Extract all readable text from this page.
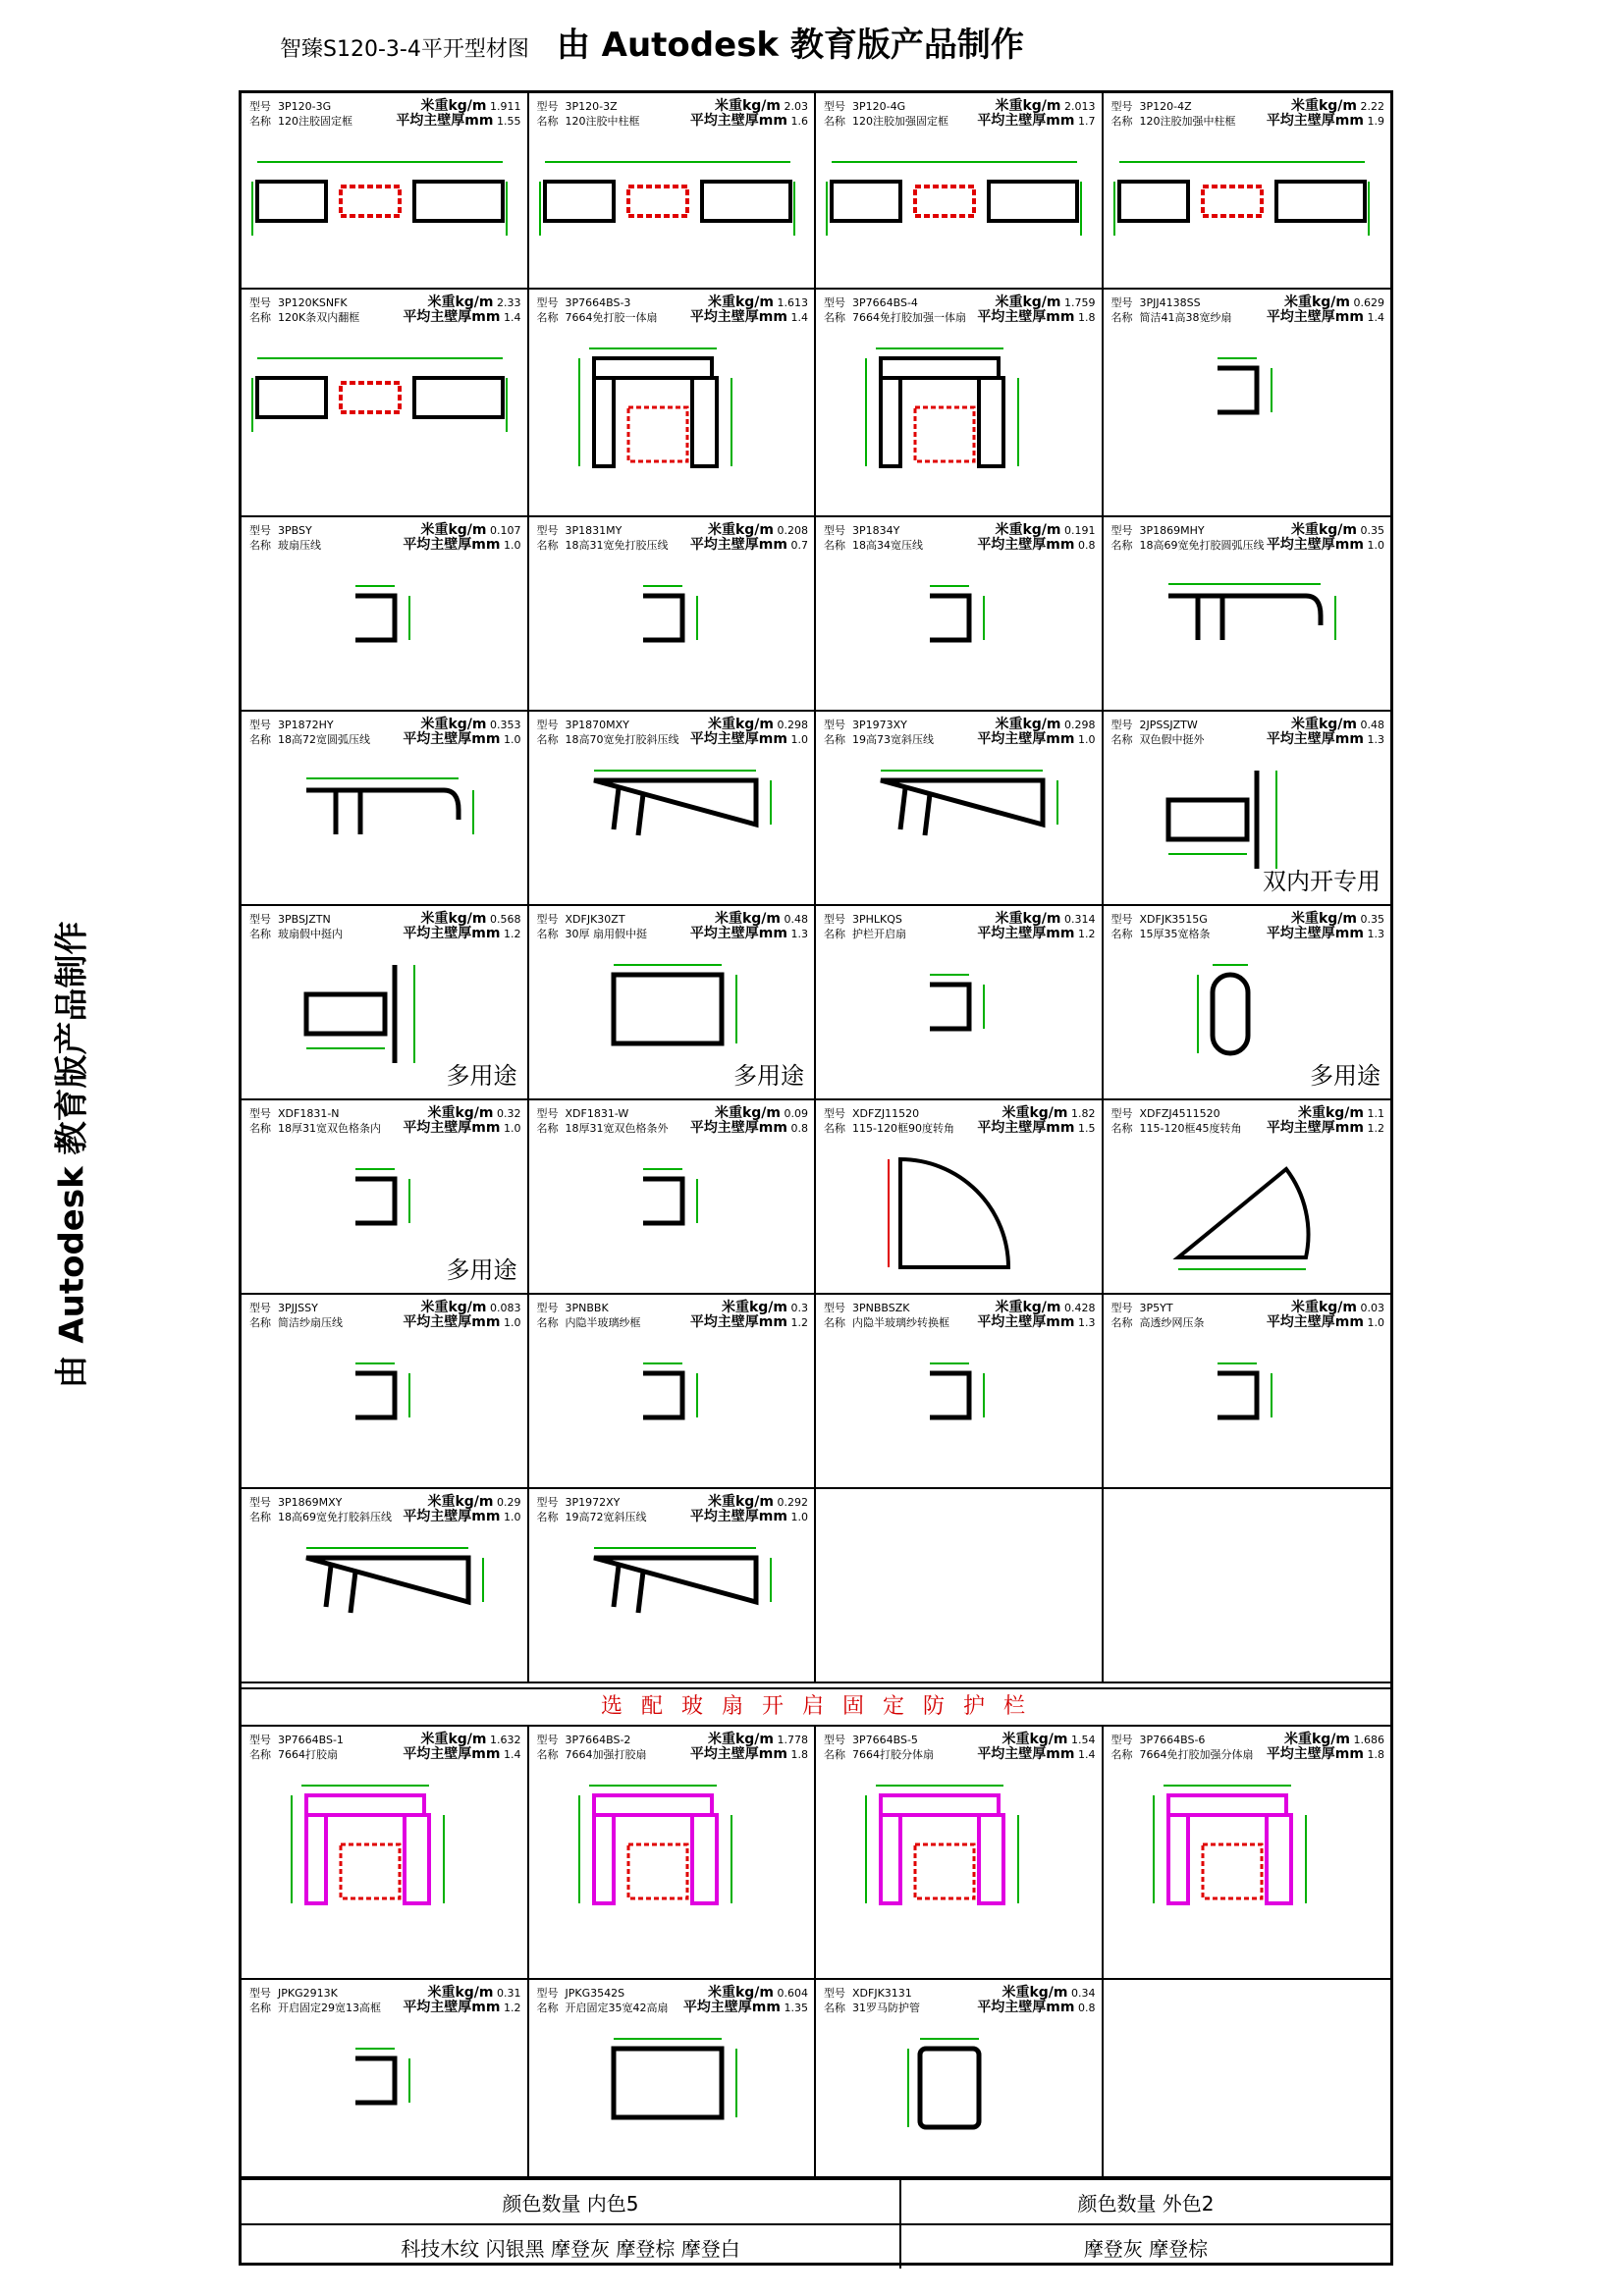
智臻S120-3-4平开型材图 由 Autodesk 教育版产品制作
由 Autodesk 教育版产品制作
型号 3P120-3G	米重kg/m 1.911
名称 120注胶固定框	平均主壁厚mm 1.55
型号 3P120-3Z	米重kg/m 2.03
名称 120注胶中柱框	平均主壁厚mm 1.6
型号 3P120-4G	米重kg/m 2.013
名称 120注胶加强固定框 平均主壁厚mm 1.7
型号 3P120-4Z	米重kg/m 2.22
名称 120注胶加强中柱框 平均主壁厚mm 1.9
型号 3P120KSNFK	米重kg/m 2.33
名称 120K条双内翻框	平均主壁厚mm 1.4
型号 3P7664BS-3	米重kg/m 1.613
名称 7664免打胶一体扇 平均主壁厚mm 1.4
型号 3P7664BS-4	米重kg/m 1.759
名称 7664免打胶加强一体扇 平均主壁厚mm 1.8
型号 3PJJ4138SS	米重kg/m 0.629
名称 简洁41高38宽纱扇	平均主壁厚mm 1.4
型号 3PBSY	米重kg/m 0.107
名称 玻扇压线	平均主壁厚mm 1.0
型号 3P1831MY	米重kg/m 0.208
名称 18高31宽免打胶压线 平均主壁厚mm 0.7
型号 3P1834Y	米重kg/m 0.191
名称 18高34宽压线	平均主壁厚mm 0.8
型号 3P1869MHY	米重kg/m 0.35
名称 18高69宽免打胶圆弧压线 平均主壁厚mm 1.0
型号 3P1872HY	米重kg/m 0.353
名称 18高72宽圆弧压线 平均主壁厚mm 1.0
型号 3P1870MXY	米重kg/m 0.298
名称 18高70宽免打胶斜压线 平均主壁厚mm 1.0
型号 3P1973XY	米重kg/m 0.298
名称 19高73宽斜压线	平均主壁厚mm 1.0
型号 2JPSSJZTW	米重kg/m 0.48
名称 双色假中挺外	平均主壁厚mm 1.3
双内开专用
型号 3PBSJZTN	米重kg/m 0.568
名称 玻扇假中挺内	平均主壁厚mm 1.2
多用途
型号 XDFJK30ZT	米重kg/m 0.48
名称 30厚 扇用假中挺	平均主壁厚mm 1.3
多用途
型号 3PHLKQS	米重kg/m 0.314
名称 护栏开启扇	平均主壁厚mm 1.2
型号 XDFJK3515G	米重kg/m 0.35
名称 15厚35宽格条	平均主壁厚mm 1.3
多用途
型号 XDF1831-N	米重kg/m 0.32
名称 18厚31宽双色格条内 平均主壁厚mm 1.0
多用途
型号 XDF1831-W	米重kg/m 0.09
名称 18厚31宽双色格条外 平均主壁厚mm 0.8
型号 XDFZJ11520	米重kg/m 1.82
名称 115-120框90度转角 平均主壁厚mm 1.5
型号 XDFZJ4511520	米重kg/m 1.1
名称 115-120框45度转角 平均主壁厚mm 1.2
型号 3PJJSSY	米重kg/m 0.083
名称 简洁纱扇压线	平均主壁厚mm 1.0
型号 3PNBBK	米重kg/m 0.3
名称 内隐半玻璃纱框	平均主壁厚mm 1.2
型号 3PNBBSZK	米重kg/m 0.428
名称 内隐半玻璃纱转换框 平均主壁厚mm 1.3
型号 3P5YT	米重kg/m 0.03
名称 高透纱网压条	平均主壁厚mm 1.0
型号 3P1869MXY	米重kg/m 0.29
名称 18高69宽免打胶斜压线 平均主壁厚mm 1.0
型号 3P1972XY	米重kg/m 0.292
名称 19高72宽斜压线	平均主壁厚mm 1.0
选 配 玻 扇 开 启 固 定 防 护 栏
型号 3P7664BS-1	米重kg/m 1.632
名称 7664打胶扇	平均主壁厚mm 1.4
型号 3P7664BS-2	米重kg/m 1.778
名称 7664加强打胶扇	平均主壁厚mm 1.8
型号 3P7664BS-5	米重kg/m 1.54
名称 7664打胶分体扇	平均主壁厚mm 1.4
型号 3P7664BS-6	米重kg/m 1.686
名称 7664免打胶加强分体扇 平均主壁厚mm 1.8
型号 JPKG2913K	米重kg/m 0.31
名称 开启固定29宽13高框 平均主壁厚mm 1.2
型号 JPKG3542S	米重kg/m 0.604
名称 开启固定35宽42高扇 平均主壁厚mm 1.35
型号 XDFJK3131	米重kg/m 0.34
名称 31罗马防护管	平均主壁厚mm 0.8
颜色数量 内色5	颜色数量 外色2
科技木纹 闪银黑 摩登灰 摩登棕 摩登白	摩登灰 摩登棕
